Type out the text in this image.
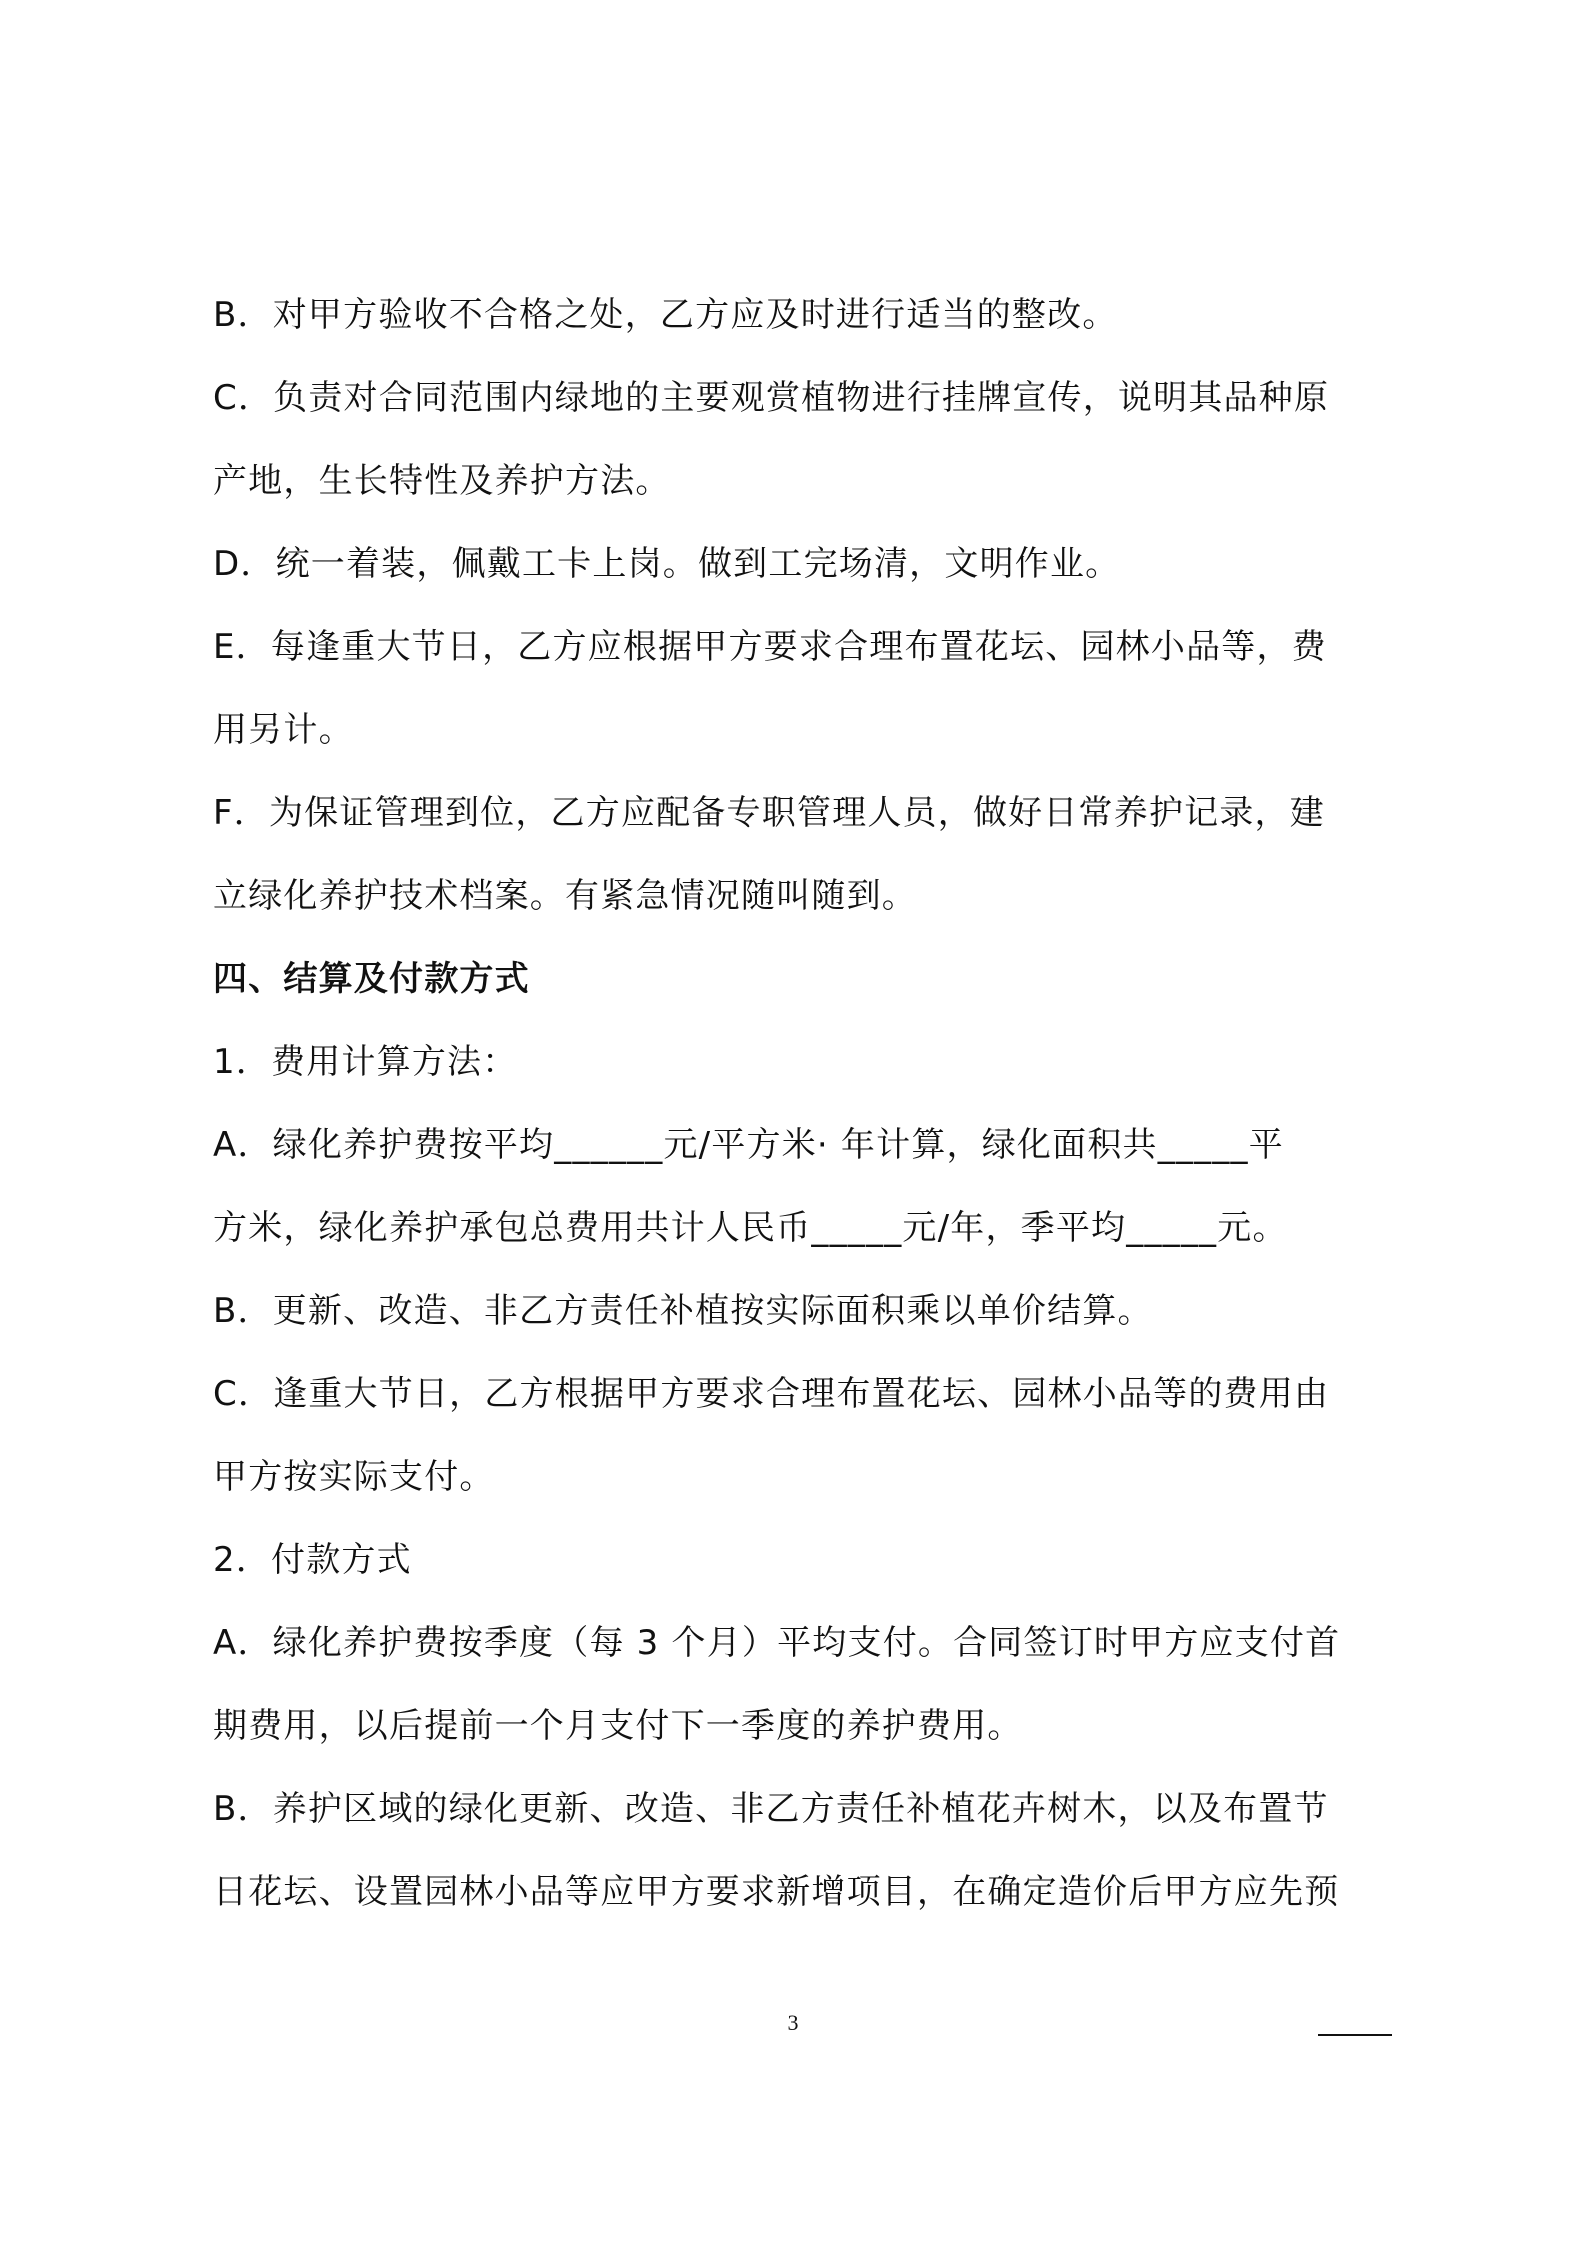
B．对甲方验收不合格之处，乙方应及时进行适当的整改。
C．负责对合同范围内绿地的主要观赏植物进行挂牌宣传，说明其品种原
产地，生长特性及养护方法。
D．统一着装，佩戴工卡上岗。做到工完场清，文明作业。
E．每逢重大节日，乙方应根据甲方要求合理布置花坛、园林小品等，费
用另计。
F．为保证管理到位，乙方应配备专职管理人员，做好日常养护记录，建
立绿化养护技术档案。有紧急情况随叫随到。
四、结算及付款方式
1．费用计算方法：
A．绿化养护费按平均______元/平方米· 年计算，绿化面积共_____平
方米，绿化养护承包总费用共计人民币_____元/年，季平均_____元。
B．更新、改造、非乙方责任补植按实际面积乘以单价结算。
C．逢重大节日，乙方根据甲方要求合理布置花坛、园林小品等的费用由
甲方按实际支付。
2．付款方式
A．绿化养护费按季度（每 3 个月）平均支付。合同签订时甲方应支付首
期费用，以后提前一个月支付下一季度的养护费用。
B．养护区域的绿化更新、改造、非乙方责任补植花卉树木，以及布置节
日花坛、设置园林小品等应甲方要求新增项目，在确定造价后甲方应先预
3
